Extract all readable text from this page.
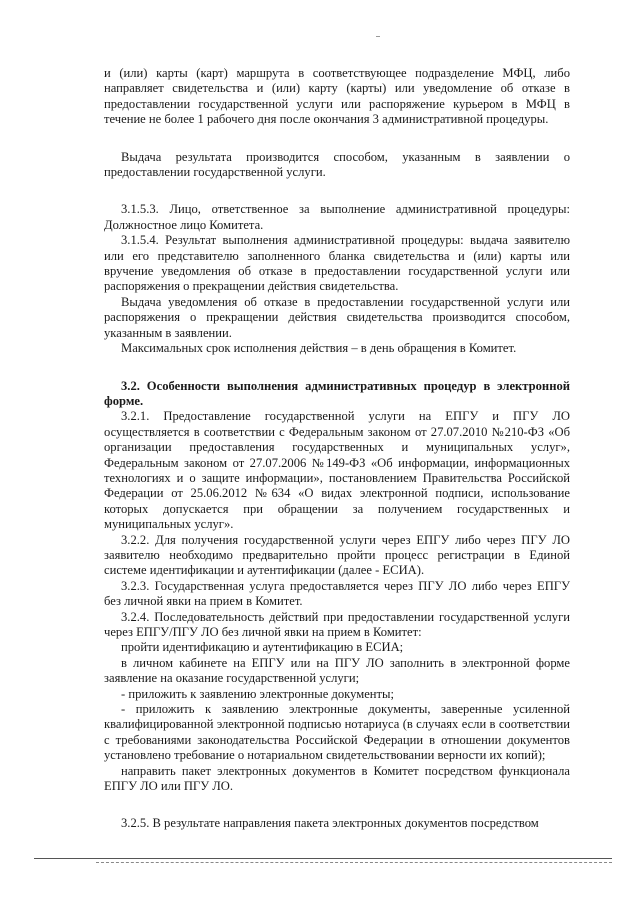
и (или) карты (карт) маршрута в соответствующее подразделение МФЦ, либо направляет свидетельства и (или) карту (карты) или уведомление об отказе в предоставлении государственной услуги или распоряжение курьером в МФЦ в течение не более 1 рабочего дня после окончания 3 административной процедуры.

Выдача результата производится способом, указанным в заявлении о предоставлении государственной услуги.

3.1.5.3. Лицо, ответственное за выполнение административной процедуры: Должностное лицо Комитета.

3.1.5.4. Результат выполнения административной процедуры: выдача заявителю или его представителю заполненного бланка свидетельства и (или) карты или вручение уведомления об отказе в предоставлении государственной услуги или распоряжения о прекращении действия свидетельства.

Выдача уведомления об отказе в предоставлении государственной услуги или распоряжения о прекращении действия свидетельства производится способом, указанным в заявлении.

Максимальных срок исполнения действия – в день обращения в Комитет.

3.2. Особенности выполнения административных процедур в электронной форме.

3.2.1. Предоставление государственной услуги на ЕПГУ и ПГУ ЛО осуществляется в соответствии с Федеральным законом от 27.07.2010 №210-ФЗ «Об организации предоставления государственных и муниципальных услуг», Федеральным законом от 27.07.2006 №149-ФЗ «Об информации, информационных технологиях и о защите информации», постановлением Правительства Российской Федерации от 25.06.2012 №634 «О видах электронной подписи, использование которых допускается при обращении за получением государственных и муниципальных услуг».

3.2.2. Для получения государственной услуги через ЕПГУ либо через ПГУ ЛО заявителю необходимо предварительно пройти процесс регистрации в Единой системе идентификации и аутентификации (далее - ЕСИА).

3.2.3. Государственная услуга предоставляется через ПГУ ЛО либо через ЕПГУ без личной явки на прием в Комитет.

3.2.4. Последовательность действий при предоставлении государственной услуги через ЕПГУ/ПГУ ЛО без личной явки на прием в Комитет:

пройти идентификацию и аутентификацию в ЕСИА;

в личном кабинете на ЕПГУ или на ПГУ ЛО заполнить в электронной форме заявление на оказание государственной услуги;

- приложить к заявлению электронные документы;

- приложить к заявлению электронные документы, заверенные усиленной квалифицированной электронной подписью нотариуса (в случаях если в соответствии с требованиями законодательства Российской Федерации в отношении документов установлено требование о нотариальном свидетельствовании верности их копий);

направить пакет электронных документов в Комитет посредством функционала ЕПГУ ЛО или ПГУ ЛО.

3.2.5. В результате направления пакета электронных документов посредством
